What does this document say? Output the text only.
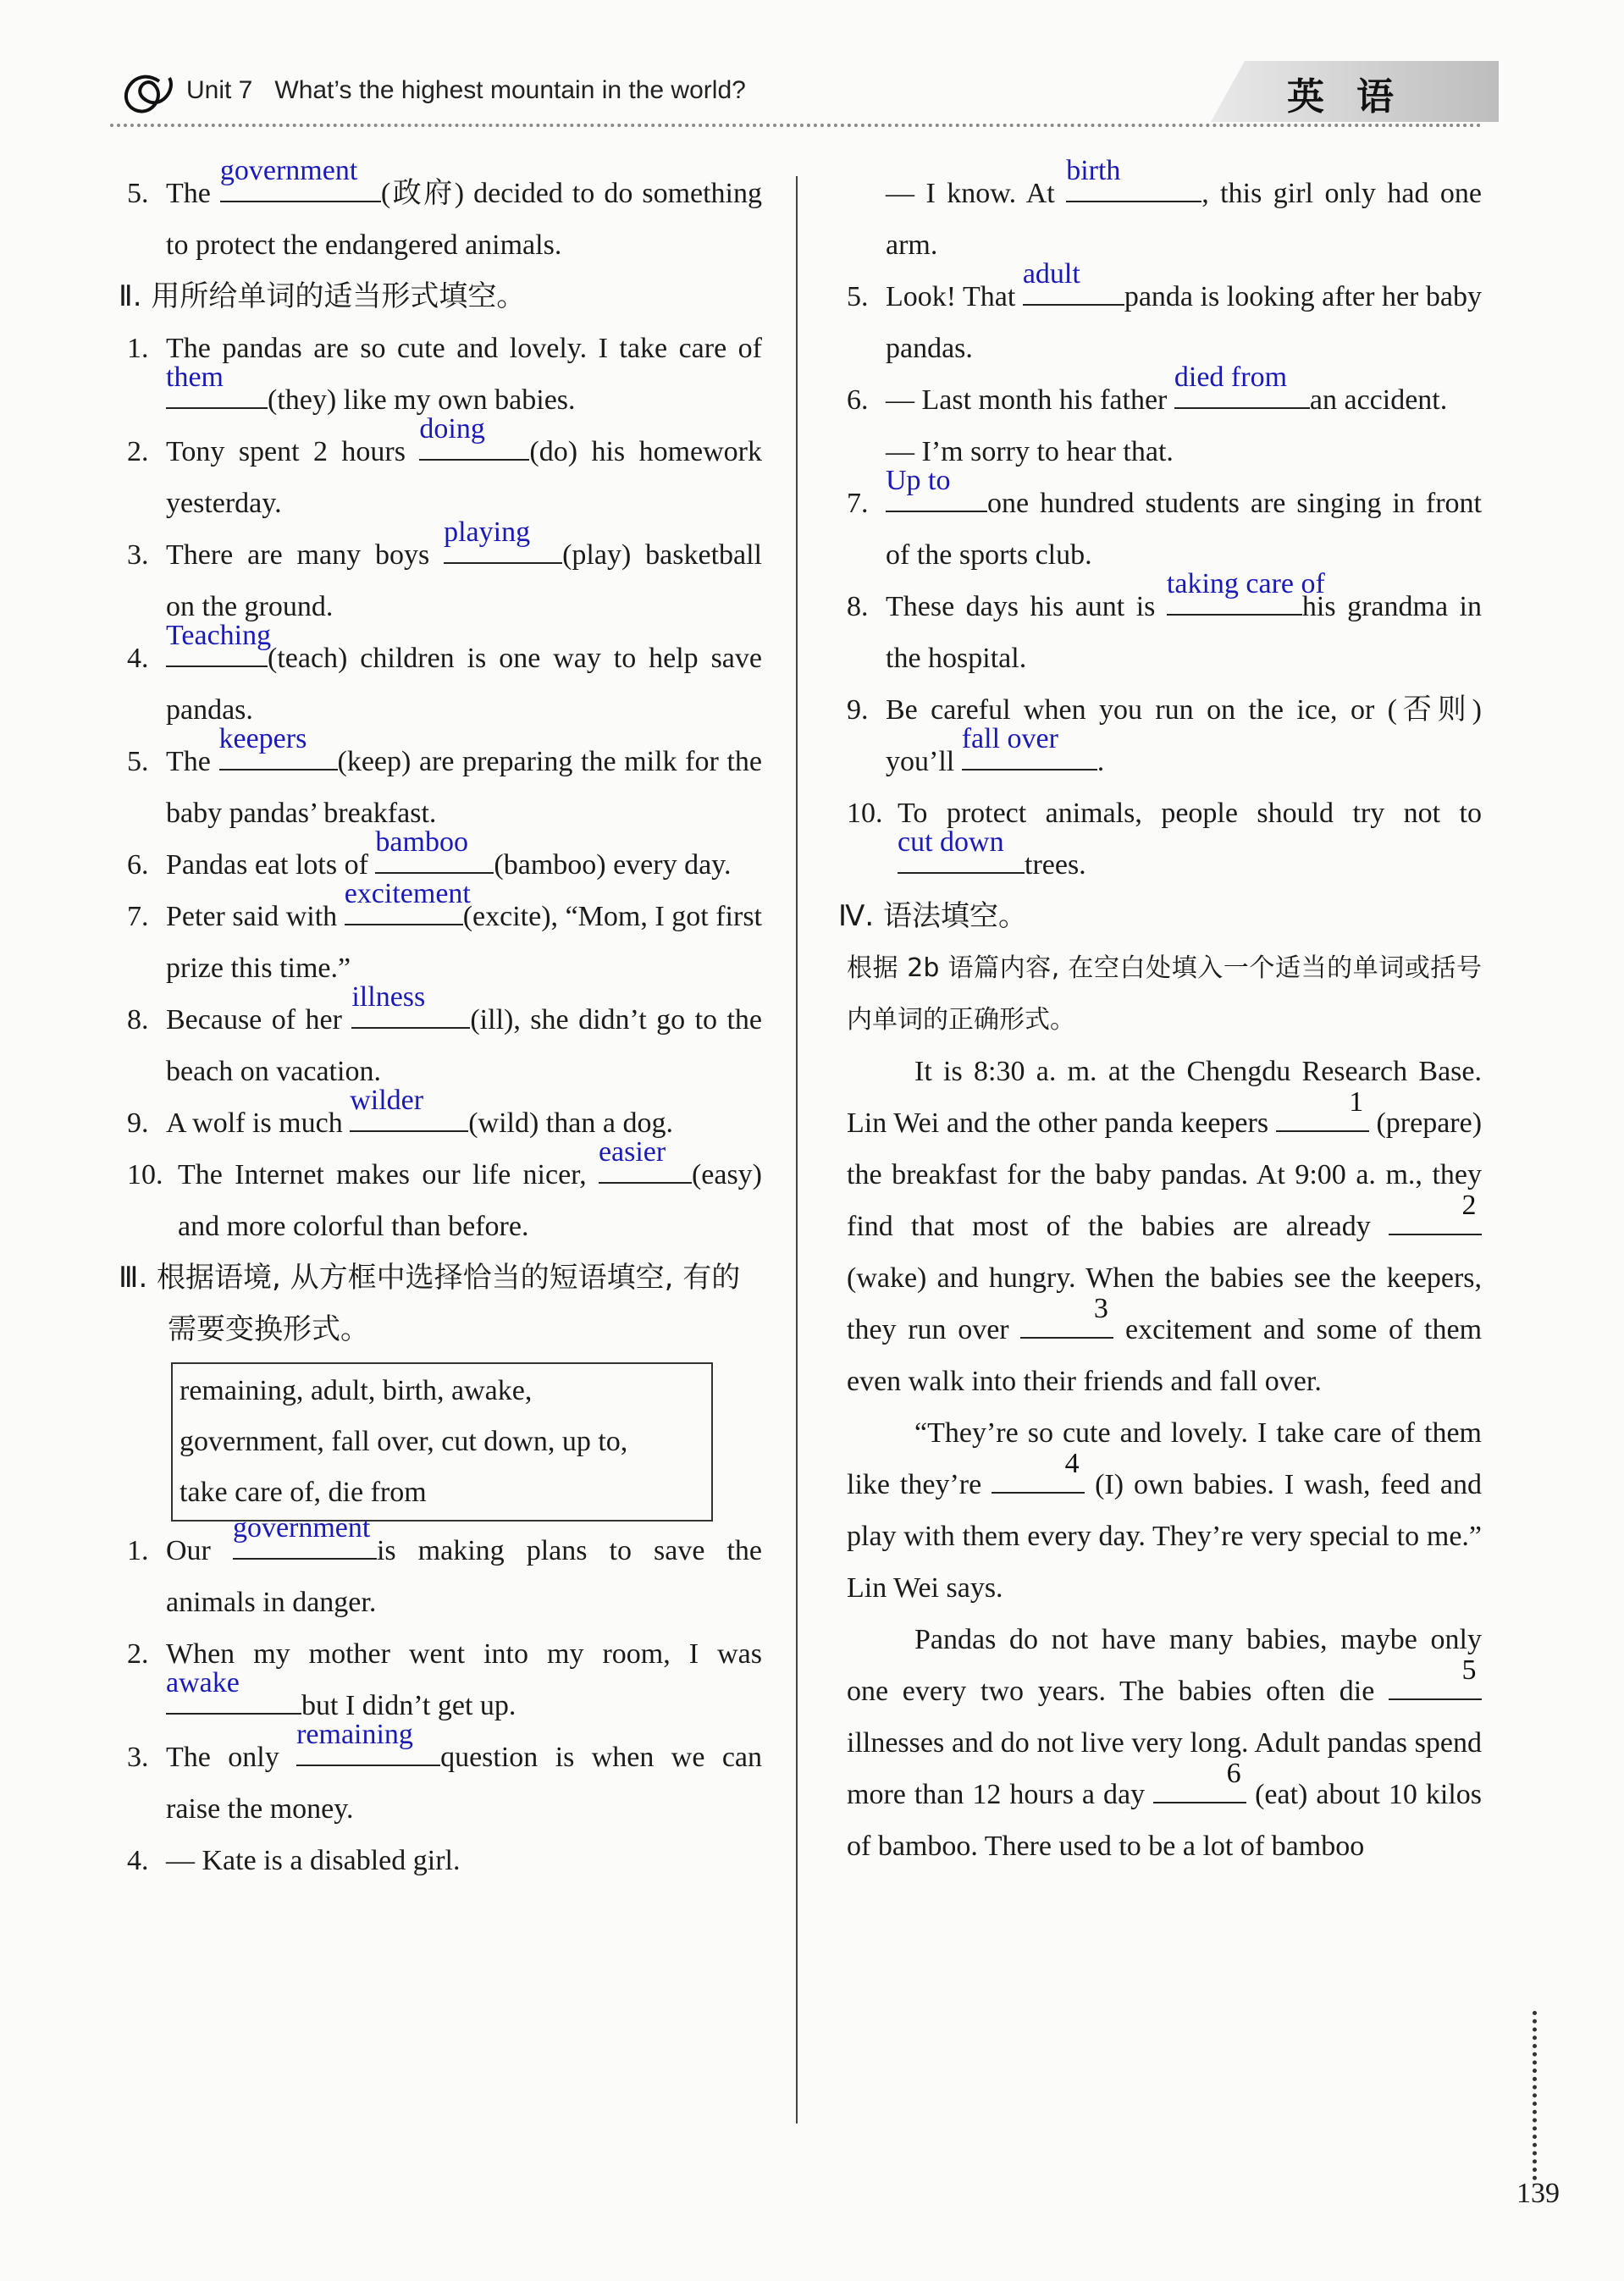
Unit 7 What’s the highest mountain in the world?	英语
5. The
government
(政府) decided to do something to protect the endangered animals.
Ⅱ. 用所给单词的适当形式填空。
1. The pandas are so cute and lovely. I take care of
them
(they) like my own babies.
2. Tony spent 2 hours
doing
(do) his homework yesterday.
3. There are many boys
playing
(play) basketball on the ground.
4.
Teaching
(teach) children is one way to help save pandas.
5. The
keepers
(keep) are preparing the milk for the baby pandas’ breakfast.
6. Pandas eat lots of
bamboo
(bamboo) every day.
7. Peter said with
excitement
(excite), “Mom, I got first prize this time.”
8. Because of her
illness
(ill), she didn’t go to the beach on vacation.
9. A wolf is much
wilder
(wild) than a dog.
10. The Internet makes our life nicer,
easier
(easy) and more colorful than before.
Ⅲ. 根据语境, 从方框中选择恰当的短语填空, 有的需要变换形式。
remaining, adult, birth, awake,
government, fall over, cut down, up to,
take care of, die from
1. Our
government
is making plans to save the animals in danger.
2. When my mother went into my room, I was
awake
but I didn’t get up.
3. The only
remaining
question is when we can raise the money.
4. — Kate is a disabled girl.
— I know. At
birth
, this girl only had one arm.
5. Look! That
adult
panda is looking after her baby pandas.
6. — Last month his father
died from
an accident.
— I’m sorry to hear that.
7.
Up to
one hundred students are singing in front of the sports club.
8. These days his aunt is
taking care of
his grandma in the hospital.
9. Be careful when you run on the ice, or (否则) you’ll
fall over
.
10. To protect animals, people should try not to
cut down
trees.
Ⅳ. 语法填空。
根据 2b 语篇内容, 在空白处填入一个适当的单词或括号内单词的正确形式。
It is 8:30 a. m. at the Chengdu Research Base. Lin Wei and the other panda keepers
1
(prepare) the breakfast for the baby pandas. At 9:00 a. m., they find that most of the babies are already
2
(wake) and hungry. When the babies see the keepers, they run over
3
excitement and some of them even walk into their friends and fall over.
“They’re so cute and lovely. I take care of them like they’re
4
(I) own babies. I wash, feed and play with them every day. They’re very special to me.” Lin Wei says.
Pandas do not have many babies, maybe only one every two years. The babies often die
5
illnesses and do not live very long. Adult pandas spend more than 12 hours a day
6
(eat) about 10 kilos of bamboo. There used to be a lot of bamboo
139
